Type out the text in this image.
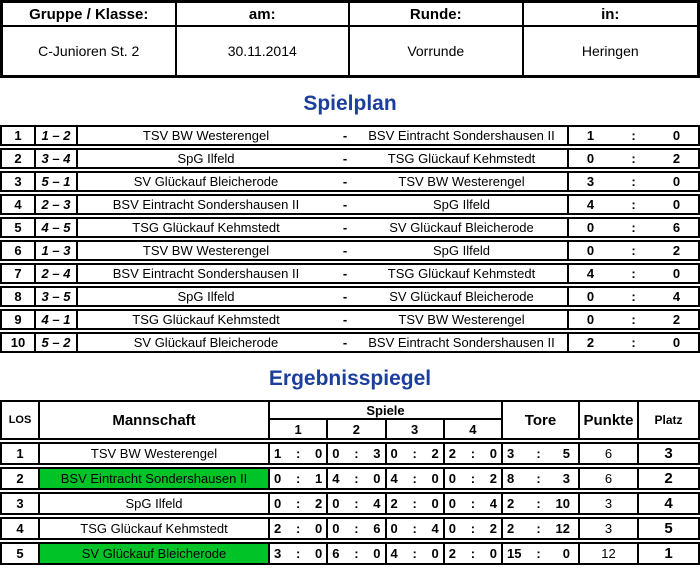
Gruppe / Klasse:	am:	Runde:	in:
C-Junioren St. 2	30.11.2014	Vorrunde	Heringen
Spielplan
1	1 – 2	TSV BW Westerengel	-	BSV Eintracht Sondershausen II	1	:	0
2	3 – 4	SpG Ilfeld	-	TSG Glückauf Kehmstedt	0	:	2
3	5 – 1	SV Glückauf Bleicherode	-	TSV BW Westerengel	3	:	0
4	2 – 3	BSV Eintracht Sondershausen II	-	SpG Ilfeld	4	:	0
5	4 – 5	TSG Glückauf Kehmstedt	-	SV Glückauf Bleicherode	0	:	6
6	1 – 3	TSV BW Westerengel	-	SpG Ilfeld	0	:	2
7	2 – 4	BSV Eintracht Sondershausen II	-	TSG Glückauf Kehmstedt	4	:	0
8	3 – 5	SpG Ilfeld	-	SV Glückauf Bleicherode	0	:	4
9	4 – 1	TSG Glückauf Kehmstedt	-	TSV BW Westerengel	0	:	2
10	5 – 2	SV Glückauf Bleicherode	-	BSV Eintracht Sondershausen II	2	:	0
Ergebnisspiegel
LOS	Mannschaft
Spiele
1	2	3	4
Tore	Punkte	Platz
1	TSV BW Westerengel	1	:	0 0	:	3 0	:	2 2	:	0 3	:	5	6	3
2	BSV Eintracht Sondershausen II	0	:	1 4	:	0 4	:	0 0	:	2 8	:	3	6	2
3	SpG Ilfeld	0	:	2 0	:	4 2	:	0 0	:	4 2	:	10	3	4
4	TSG Glückauf Kehmstedt	2	:	0 0	:	6 0	:	4 0	:	2 2	:	12	3	5
5	SV Glückauf Bleicherode	3	:	0 6	:	0 4	:	0 2	:	0 15	:	0	12	1
